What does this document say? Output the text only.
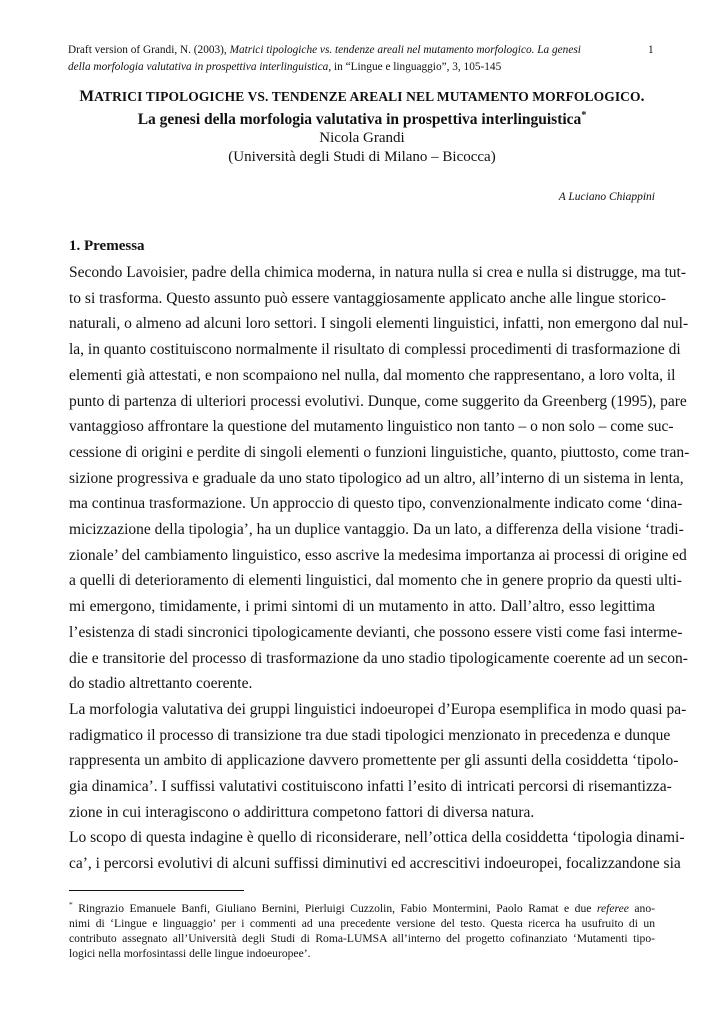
Draft version of Grandi, N. (2003), Matrici tipologiche vs. tendenze areali nel mutamento morfologico. La genesi
della morfologia valutativa in prospettiva interlinguistica, in “Lingue e linguaggio”, 3, 105-145
1
MATRICI TIPOLOGICHE VS. TENDENZE AREALI NEL MUTAMENTO MORFOLOGICO.
La genesi della morfologia valutativa in prospettiva interlinguistica*
Nicola Grandi
(Università degli Studi di Milano – Bicocca)
A Luciano Chiappini
1. Premessa
Secondo Lavoisier, padre della chimica moderna, in natura nulla si crea e nulla si distrugge, ma tut-
to si trasforma. Questo assunto può essere vantaggiosamente applicato anche alle lingue storico-
naturali, o almeno ad alcuni loro settori. I singoli elementi linguistici, infatti, non emergono dal nul-
la, in quanto costituiscono normalmente il risultato di complessi procedimenti di trasformazione di
elementi già attestati, e non scompaiono nel nulla, dal momento che rappresentano, a loro volta, il
punto di partenza di ulteriori processi evolutivi. Dunque, come suggerito da Greenberg (1995), pare
vantaggioso affrontare la questione del mutamento linguistico non tanto – o non solo – come suc-
cessione di origini e perdite di singoli elementi o funzioni linguistiche, quanto, piuttosto, come tran-
sizione progressiva e graduale da uno stato tipologico ad un altro, all’interno di un sistema in lenta,
ma continua trasformazione. Un approccio di questo tipo, convenzionalmente indicato come ‘dina-
micizzazione della tipologia’, ha un duplice vantaggio. Da un lato, a differenza della visione ‘tradi-
zionale’ del cambiamento linguistico, esso ascrive la medesima importanza ai processi di origine ed
a quelli di deterioramento di elementi linguistici, dal momento che in genere proprio da questi ulti-
mi emergono, timidamente, i primi sintomi di un mutamento in atto. Dall’altro, esso legittima
l’esistenza di stadi sincronici tipologicamente devianti, che possono essere visti come fasi interme-
die e transitorie del processo di trasformazione da uno stadio tipologicamente coerente ad un secon-
do stadio altrettanto coerente.
La morfologia valutativa dei gruppi linguistici indoeuropei d’Europa esemplifica in modo quasi pa-
radigmatico il processo di transizione tra due stadi tipologici menzionato in precedenza e dunque
rappresenta un ambito di applicazione davvero promettente per gli assunti della cosiddetta ‘tipolo-
gia dinamica’. I suffissi valutativi costituiscono infatti l’esito di intricati percorsi di risemantizza-
zione in cui interagiscono o addirittura competono fattori di diversa natura.
Lo scopo di questa indagine è quello di riconsiderare, nell’ottica della cosiddetta ‘tipologia dinami-
ca’, i percorsi evolutivi di alcuni suffissi diminutivi ed accrescitivi indoeuropei, focalizzandone sia
* Ringrazio Emanuele Banfi, Giuliano Bernini, Pierluigi Cuzzolin, Fabio Montermini, Paolo Ramat e due referee ano-
nimi di ‘Lingue e linguaggio’ per i commenti ad una precedente versione del testo. Questa ricerca ha usufruito di un
contributo assegnato all’Università degli Studi di Roma-LUMSA all’interno del progetto cofinanziato ‘Mutamenti tipo-
logici nella morfosintassi delle lingue indoeuropee’.
